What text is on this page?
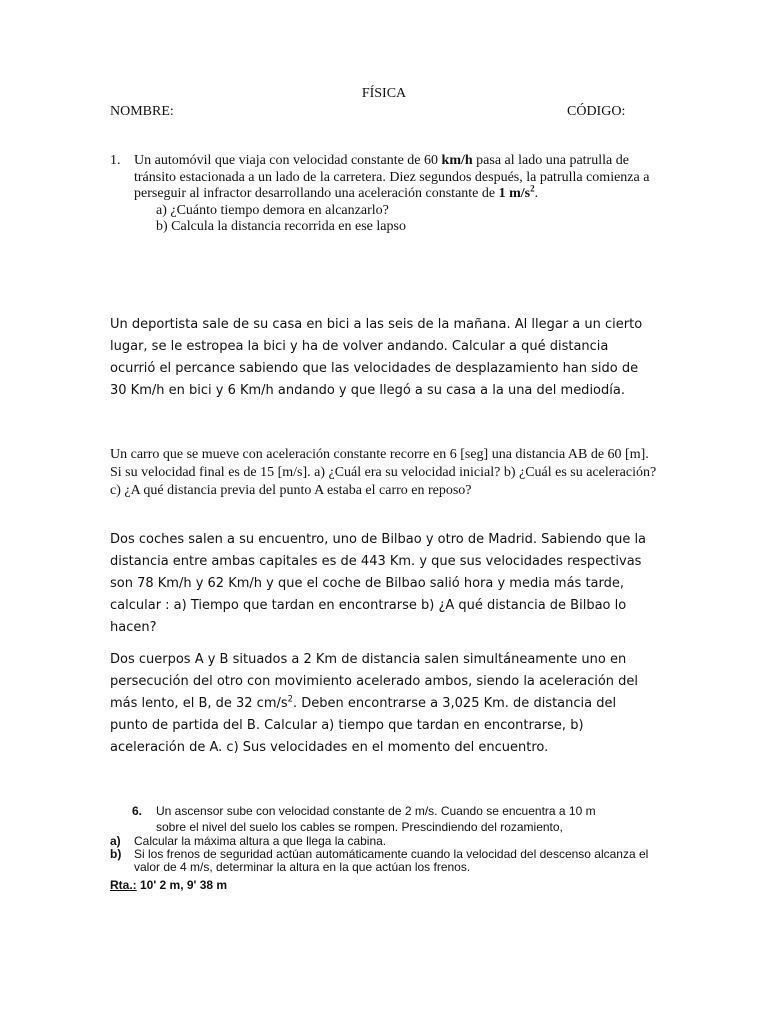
FÍSICA
NOMBRE:	CÓDIGO:
1. Un automóvil que viaja con velocidad constante de 60 km/h pasa al lado una patrulla de tránsito estacionada a un lado de la carretera. Diez segundos después, la patrulla comienza a perseguir al infractor desarrollando una aceleración constante de 1 $m/s^2$.
a) ¿Cuánto tiempo demora en alcanzarlo?
b) Calcula la distancia recorrida en ese lapso
Un deportista sale de su casa en bici a las seis de la mañana. Al llegar a un cierto lugar, se le estropea la bici y ha de volver andando. Calcular a qué distancia ocurrió el percance sabiendo que las velocidades de desplazamiento han sido de 30 Km/h en bici y 6 Km/h andando y que llegó a su casa a la una del mediodía.
Un carro que se mueve con aceleración constante recorre en 6 [seg] una distancia AB de 60 [m]. Si su velocidad final es de 15 [m/s]. a) ¿Cuál era su velocidad inicial? b) ¿Cuál es su aceleración? c) ¿A qué distancia previa del punto A estaba el carro en reposo?
Dos coches salen a su encuentro, uno de Bilbao y otro de Madrid. Sabiendo que la distancia entre ambas capitales es de 443 Km. y que sus velocidades respectivas son 78 Km/h y 62 Km/h y que el coche de Bilbao salió hora y media más tarde, calcular : a) Tiempo que tardan en encontrarse b) ¿A qué distancia de Bilbao lo hacen?
Dos cuerpos A y B situados a 2 Km de distancia salen simultáneamente uno en persecución del otro con movimiento acelerado ambos, siendo la aceleración del más lento, el B, de 32 $cm/s^2$. Deben encontrarse a 3,025 Km. de distancia del punto de partida del B. Calcular a) tiempo que tardan en encontrarse, b) aceleración de A. c) Sus velocidades en el momento del encuentro.
6. Un ascensor sube con velocidad constante de 2 m/s. Cuando se encuentra a 10 m
sobre el nivel del suelo los cables se rompen. Prescindiendo del rozamiento,
a) Calcular la máxima altura a que llega la cabina.
b) Si los frenos de seguridad actúan automáticamente cuando la velocidad del descenso alcanza el valor de 4 m/s, determinar la altura en la que actúan los frenos.
Rta.: 10' 2 m, 9' 38 m
